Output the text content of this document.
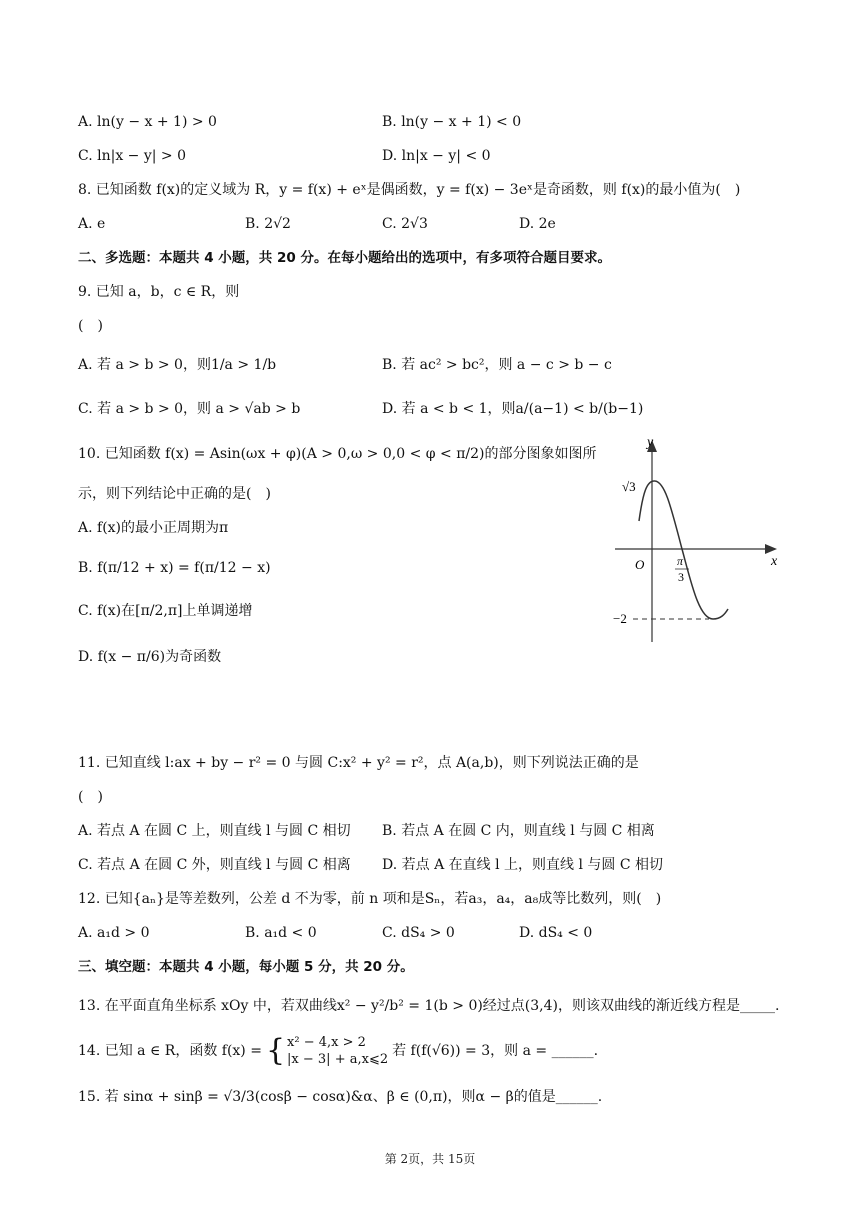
A. ln(y − x + 1) > 0	B. ln(y − x + 1) < 0
C. ln|x − y| > 0	D. ln|x − y| < 0
8. 已知函数 f(x)的定义域为 R，y = f(x) + eˣ是偶函数，y = f(x) − 3eˣ是奇函数，则 f(x)的最小值为(　)
A. e	B. 2√2	C. 2√3	D. 2e
二、多选题：本题共 4 小题，共 20 分。在每小题给出的选项中，有多项符合题目要求。
9. 已知 a，b，c ∈ R，则
(　)
A. 若 a > b > 0，则1/a > 1/b	B. 若 ac² > bc²，则 a − c > b − c
C. 若 a > b > 0，则 a > √ab > b	D. 若 a < b < 1，则a/(a−1) < b/(b−1)
10. 已知函数 f(x) = Asin(ωx + φ)(A > 0,ω > 0,0 < φ < π/2)的部分图象如图所
示，则下列结论中正确的是(　)
A. f(x)的最小正周期为π
B. f(π/12 + x) = f(π/12 − x)
C. f(x)在[π/2,π]上单调递增
D. f(x − π/6)为奇函数
y
x
O
√3
π
3
−2
11. 已知直线 l:ax + by − r² = 0 与圆 C:x² + y² = r²，点 A(a,b)，则下列说法正确的是
(　)
A. 若点 A 在圆 C 上，则直线 l 与圆 C 相切 B. 若点 A 在圆 C 内，则直线 l 与圆 C 相离
C. 若点 A 在圆 C 外，则直线 l 与圆 C 相离 D. 若点 A 在直线 l 上，则直线 l 与圆 C 相切
12. 已知{aₙ}是等差数列，公差 d 不为零，前 n 项和是Sₙ，若a₃，a₄，a₈成等比数列，则(　)
A. a₁d > 0	B. a₁d < 0	C. dS₄ > 0	D. dS₄ < 0
三、填空题：本题共 4 小题，每小题 5 分，共 20 分。
13. 在平面直角坐标系 xOy 中，若双曲线x² − y²/b² = 1(b > 0)经过点(3,4)，则该双曲线的渐近线方程是_____.
14. 已知 a ∈ R，函数 f(x) = { x² − 4,x > 2
|x − 3| + a,x⩽2
若 f(f(√6)) = 3，则 a = ______.
15. 若 sinα + sinβ = √3/3(cosβ − cosα)&α、β ∈ (0,π)，则α − β的值是______.
第 2页，共 15页
